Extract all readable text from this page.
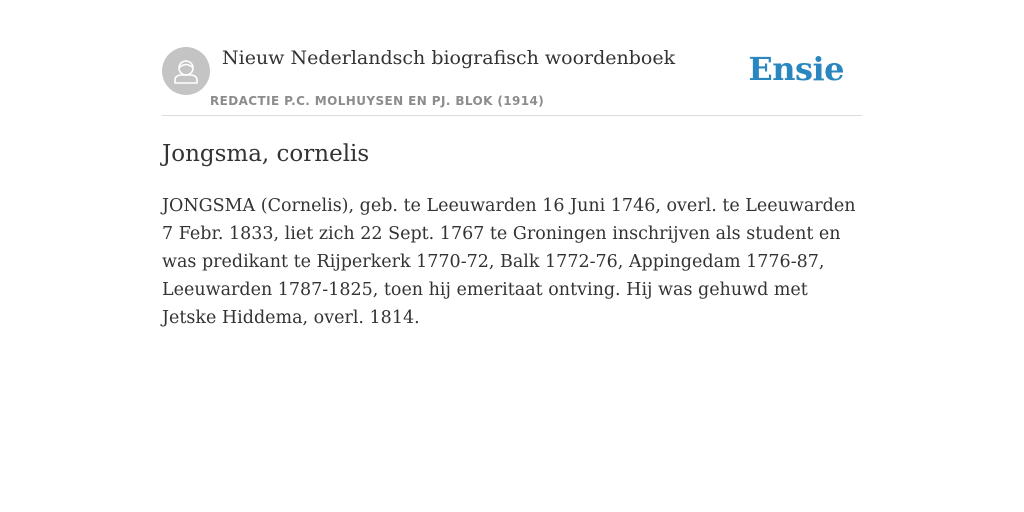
Nieuw Nederlandsch biografisch woordenboek
REDACTIE P.C. MOLHUYSEN EN PJ. BLOK (1914)
Ensie
Jongsma, cornelis

JONGSMA (Cornelis), geb. te Leeuwarden 16 Juni 1746, overl. te Leeuwarden 7 Febr. 1833, liet zich 22 Sept. 1767 te Groningen inschrijven als student en was predikant te Rijperkerk 1770-72, Balk 1772-76, Appingedam 1776-87, Leeuwarden 1787-1825, toen hij emeritaat ontving. Hij was gehuwd met Jetske Hiddema, overl. 1814.
